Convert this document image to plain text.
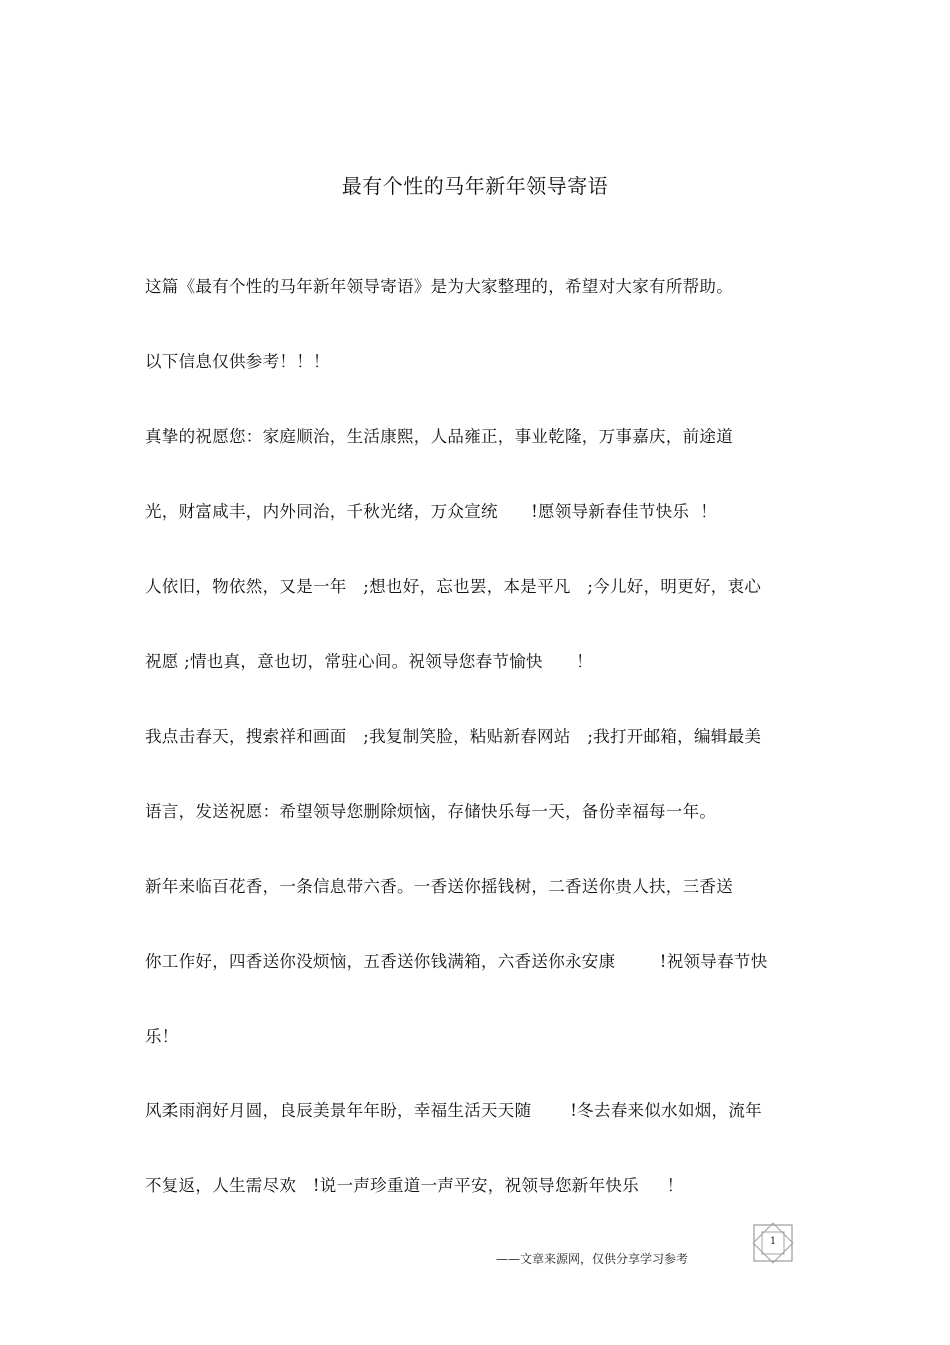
最有个性的马年新年领导寄语
这篇《最有个性的马年新年领导寄语》是为大家整理的，希望对大家有所帮助。
以下信息仅供参考！！！
真挚的祝愿您：家庭顺治，生活康熙，人品雍正，事业乾隆，万事嘉庆，前途道
光，财富咸丰，内外同治，千秋光绪，万众宣统      !愿领导新春佳节快乐  ！
人依旧，物依然，又是一年   ;想也好，忘也罢，本是平凡   ;今儿好，明更好，衷心
祝愿 ;情也真，意也切，常驻心间。祝领导您春节愉快      ！
我点击春天，搜索祥和画面   ;我复制笑脸，粘贴新春网站   ;我打开邮箱，编辑最美
语言，发送祝愿：希望领导您删除烦恼，存储快乐每一天，备份幸福每一年。
新年来临百花香，一条信息带六香。一香送你摇钱树，二香送你贵人扶，三香送
你工作好，四香送你没烦恼，五香送你钱满箱，六香送你永安康        !祝领导春节快
乐！
风柔雨润好月圆，良辰美景年年盼，幸福生活天天随       !冬去春来似水如烟，流年
不复返，人生需尽欢   !说一声珍重道一声平安，祝领导您新年快乐     ！
——文章来源网，仅供分享学习参考
1
